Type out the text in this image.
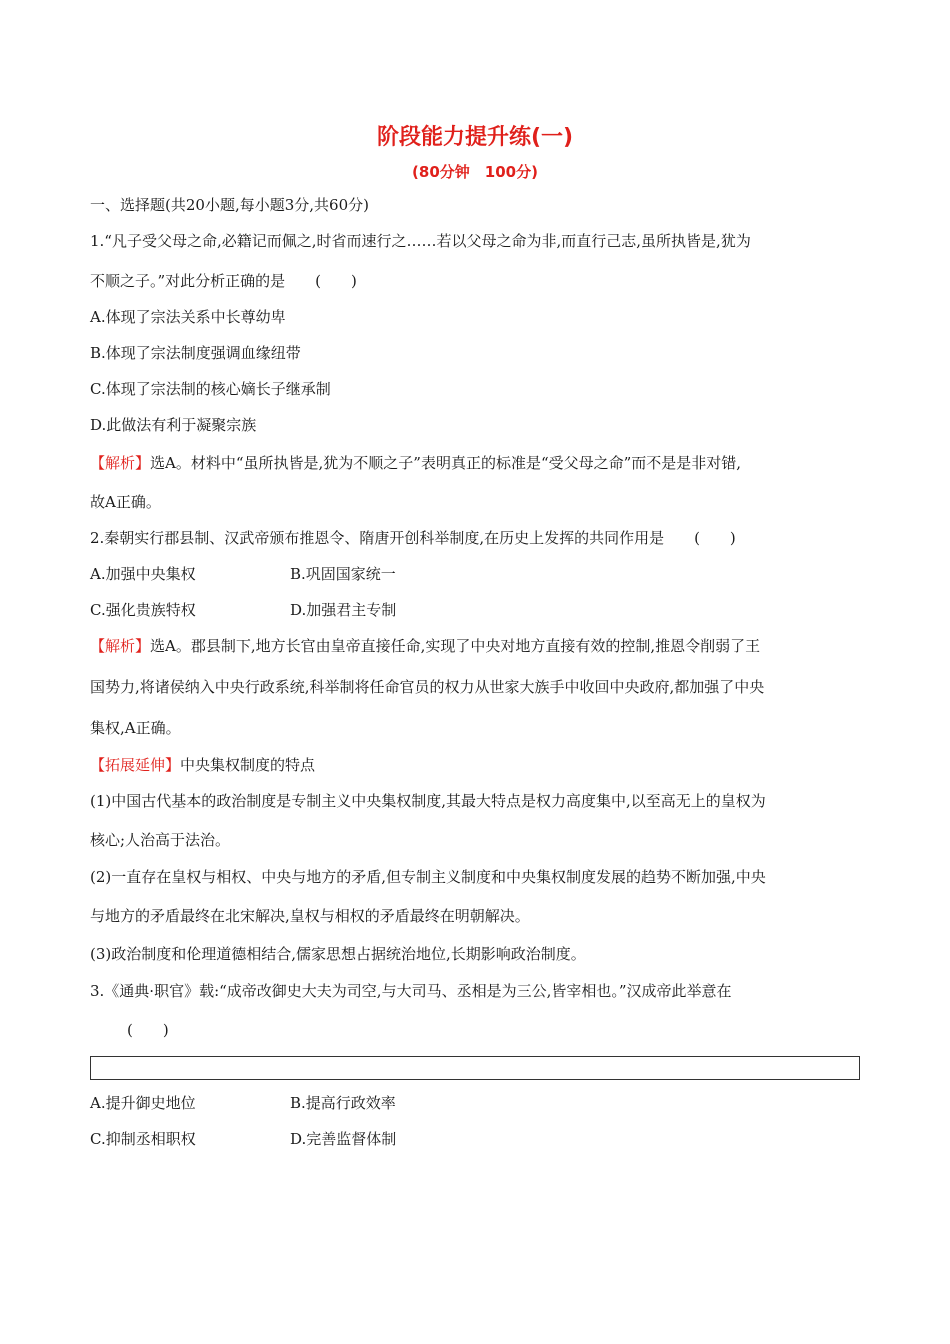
阶段能力提升练(一)
(80分钟　100分)
一、选择题(共20小题,每小题3分,共60分)
1.“凡子受父母之命,必籍记而佩之,时省而速行之……若以父母之命为非,而直行己志,虽所执皆是,犹为
不顺之子。”对此分析正确的是　　(　　)
A.体现了宗法关系中长尊幼卑
B.体现了宗法制度强调血缘纽带
C.体现了宗法制的核心嫡长子继承制
D.此做法有利于凝聚宗族
【解析】选A。材料中“虽所执皆是,犹为不顺之子”表明真正的标准是“受父母之命”而不是是非对错,
故A正确。
2.秦朝实行郡县制、汉武帝颁布推恩令、隋唐开创科举制度,在历史上发挥的共同作用是　　(　　)
A.加强中央集权	B.巩固国家统一
C.强化贵族特权	D.加强君主专制
【解析】选A。郡县制下,地方长官由皇帝直接任命,实现了中央对地方直接有效的控制,推恩令削弱了王
国势力,将诸侯纳入中央行政系统,科举制将任命官员的权力从世家大族手中收回中央政府,都加强了中央
集权,A正确。
【拓展延伸】中央集权制度的特点
(1)中国古代基本的政治制度是专制主义中央集权制度,其最大特点是权力高度集中,以至高无上的皇权为
核心;人治高于法治。
(2)一直存在皇权与相权、中央与地方的矛盾,但专制主义制度和中央集权制度发展的趋势不断加强,中央
与地方的矛盾最终在北宋解决,皇权与相权的矛盾最终在明朝解决。
(3)政治制度和伦理道德相结合,儒家思想占据统治地位,长期影响政治制度。
3.《通典·职官》载:“成帝改御史大夫为司空,与大司马、丞相是为三公,皆宰相也。”汉成帝此举意在
(　　)
A.提升御史地位	B.提高行政效率
C.抑制丞相职权	D.完善监督体制
